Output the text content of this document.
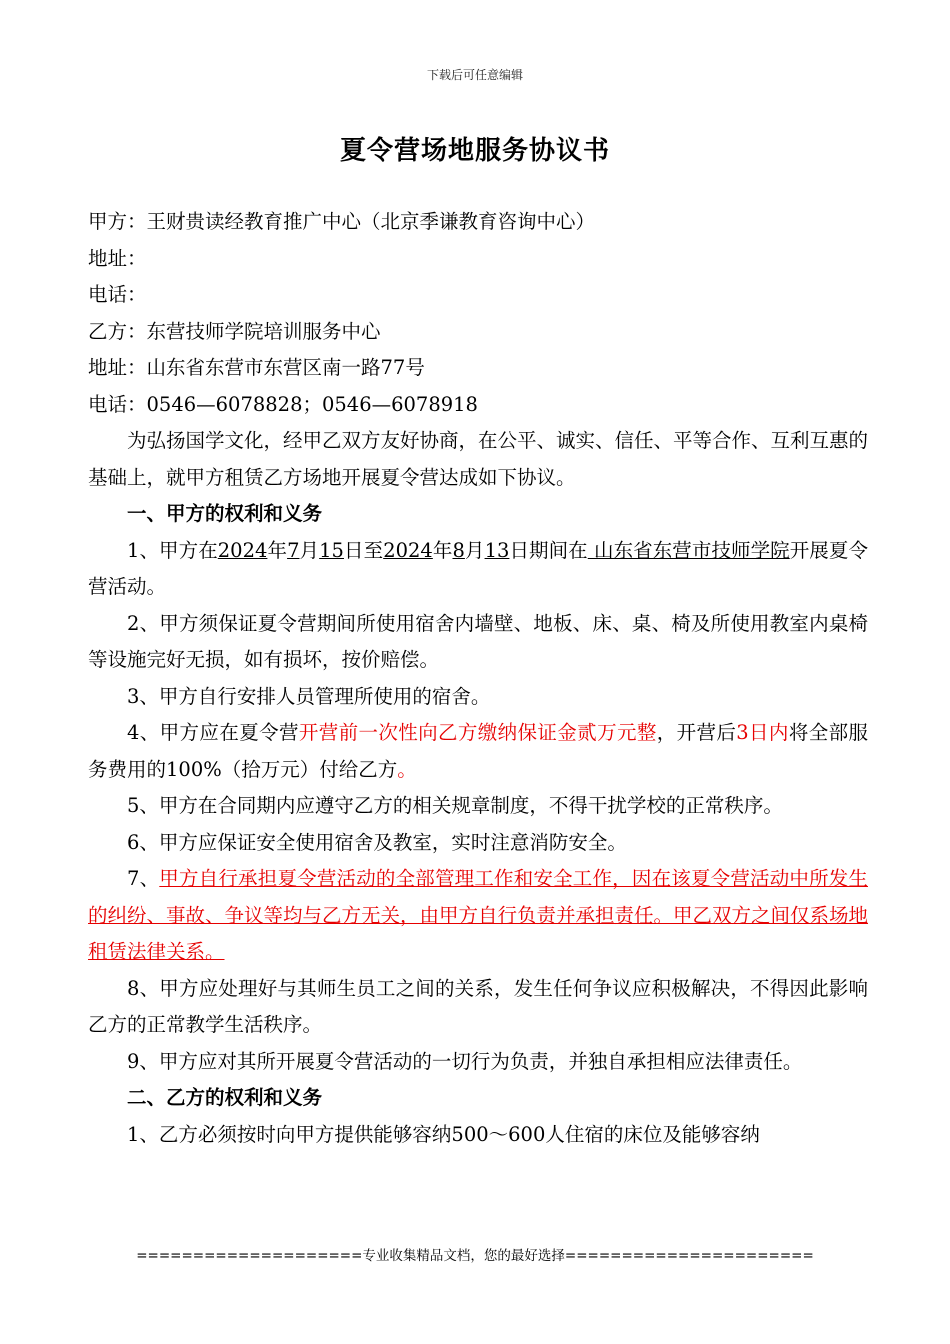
下载后可任意编辑
夏令营场地服务协议书
甲方：王财贵读经教育推广中心（北京季谦教育咨询中心）
地址：
电话：
乙方：东营技师学院培训服务中心
地址：山东省东营市东营区南一路77号
电话：0546—6078828；0546—6078918

为弘扬国学文化，经甲乙双方友好协商，在公平、诚实、信任、平等合作、互利互惠的基础上，就甲方租赁乙方场地开展夏令营达成如下协议。

一、甲方的权利和义务

1、甲方在2024年7月15日至2024年8月13日期间在 山东省东营市技师学院开展夏令营活动。

2、甲方须保证夏令营期间所使用宿舍内墙壁、地板、床、桌、椅及所使用教室内桌椅等设施完好无损，如有损坏，按价赔偿。

3、甲方自行安排人员管理所使用的宿舍。

4、甲方应在夏令营开营前一次性向乙方缴纳保证金贰万元整，开营后3日内将全部服务费用的100%（拾万元）付给乙方。

5、甲方在合同期内应遵守乙方的相关规章制度，不得干扰学校的正常秩序。

6、甲方应保证安全使用宿舍及教室，实时注意消防安全。

7、甲方自行承担夏令营活动的全部管理工作和安全工作，因在该夏令营活动中所发生的纠纷、事故、争议等均与乙方无关，由甲方自行负责并承担责任。甲乙双方之间仅系场地租赁法律关系。

8、甲方应处理好与其师生员工之间的关系，发生任何争议应积极解决，不得因此影响乙方的正常教学生活秩序。

9、甲方应对其所开展夏令营活动的一切行为负责，并独自承担相应法律责任。

二、乙方的权利和义务

1、乙方必须按时向甲方提供能够容纳500～600人住宿的床位及能够容纳

====================专业收集精品文档，您的最好选择======================
